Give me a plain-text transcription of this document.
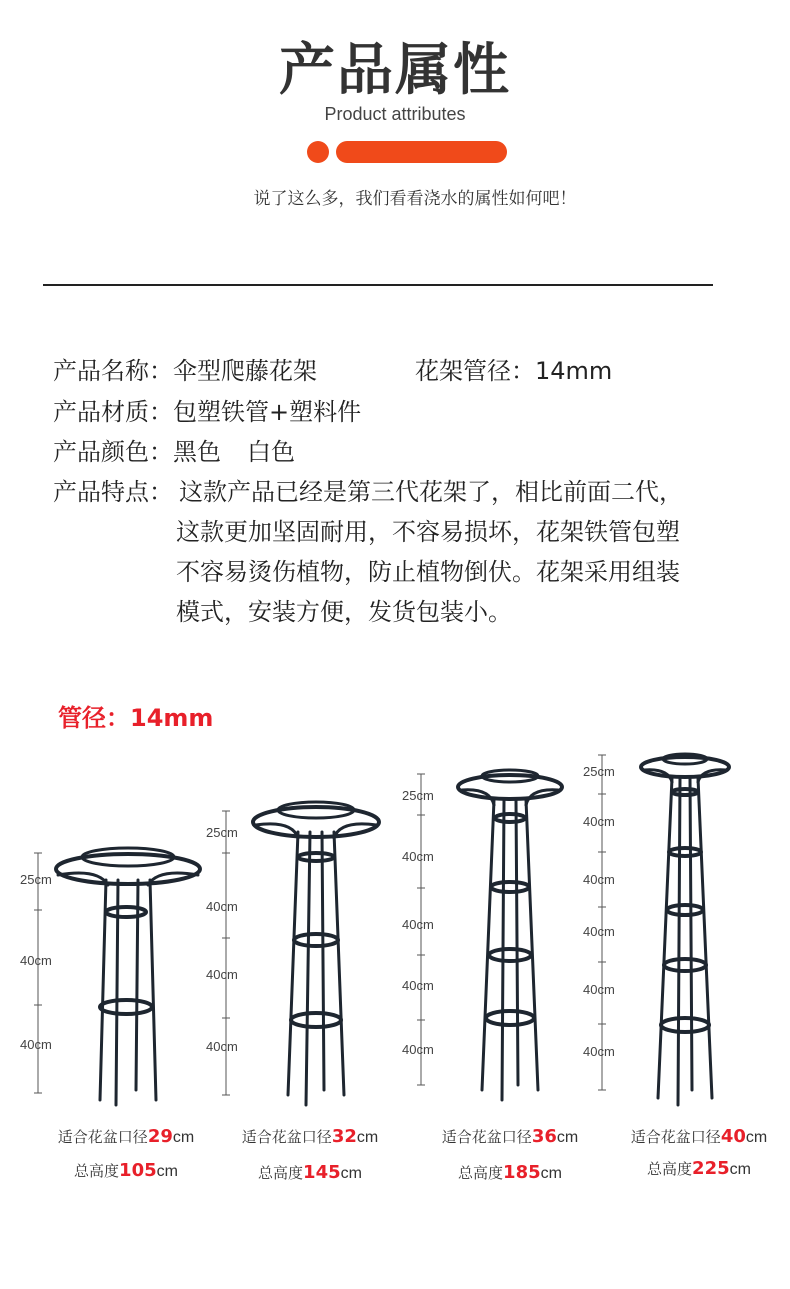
产品属性
Product attributes
说了这么多，我们看看浇水的属性如何吧！
产品名称：伞型爬藤花架	花架管径：14mm
产品材质：包塑铁管+塑料件
产品颜色：黑色 白色
产品特点： 这款产品已经是第三代花架了，相比前面二代，
这款更加坚固耐用，不容易损坏，花架铁管包塑
不容易烫伤植物，防止植物倒伏。花架采用组装
模式，安装方便，发货包装小。
管径：14mm
25cm
40cm
40cm
25cm
40cm
40cm
40cm
25cm
40cm
40cm
40cm
40cm
25cm
40cm
40cm
40cm
40cm
40cm
适合花盆口径29cm
总高度105cm
适合花盆口径32cm
总高度145cm
适合花盆口径36cm
总高度185cm
适合花盆口径40cm
总高度225cm
